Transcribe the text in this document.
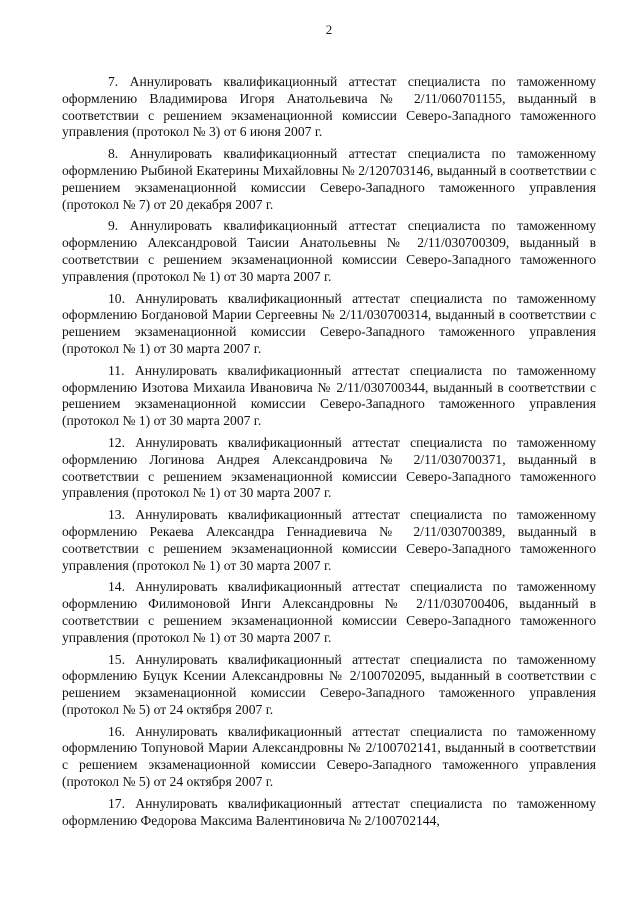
2

7. Аннулировать квалификационный аттестат специалиста по таможенному оформлению Владимирова Игоря Анатольевича № 2/11/060701155, выданный в соответствии с решением экзаменационной комиссии Северо-Западного таможенного управления (протокол № 3) от 6 июня 2007 г.

8. Аннулировать квалификационный аттестат специалиста по таможенному оформлению Рыбиной Екатерины Михайловны № 2/120703146, выданный в соответствии с решением экзаменационной комиссии Северо-Западного таможенного управления (протокол № 7) от 20 декабря 2007 г.

9. Аннулировать квалификационный аттестат специалиста по таможенному оформлению Александровой Таисии Анатольевны № 2/11/030700309, выданный в соответствии с решением экзаменационной комиссии Северо-Западного таможенного управления (протокол № 1) от 30 марта 2007 г.

10. Аннулировать квалификационный аттестат специалиста по таможенному оформлению Богдановой Марии Сергеевны № 2/11/030700314, выданный в соответствии с решением экзаменационной комиссии Северо-Западного таможенного управления (протокол № 1) от 30 марта 2007 г.

11. Аннулировать квалификационный аттестат специалиста по таможенному оформлению Изотова Михаила Ивановича № 2/11/030700344, выданный в соответствии с решением экзаменационной комиссии Северо-Западного таможенного управления (протокол № 1) от 30 марта 2007 г.

12. Аннулировать квалификационный аттестат специалиста по таможенному оформлению Логинова Андрея Александровича № 2/11/030700371, выданный в соответствии с решением экзаменационной комиссии Северо-Западного таможенного управления (протокол № 1) от 30 марта 2007 г.

13. Аннулировать квалификационный аттестат специалиста по таможенному оформлению Рекаева Александра Геннадиевича № 2/11/030700389, выданный в соответствии с решением экзаменационной комиссии Северо-Западного таможенного управления (протокол № 1) от 30 марта 2007 г.

14. Аннулировать квалификационный аттестат специалиста по таможенному оформлению Филимоновой Инги Александровны № 2/11/030700406, выданный в соответствии с решением экзаменационной комиссии Северо-Западного таможенного управления (протокол № 1) от 30 марта 2007 г.

15. Аннулировать квалификационный аттестат специалиста по таможенному оформлению Буцук Ксении Александровны № 2/100702095, выданный в соответствии с решением экзаменационной комиссии Северо-Западного таможенного управления (протокол № 5) от 24 октября 2007 г.

16. Аннулировать квалификационный аттестат специалиста по таможенному оформлению Топуновой Марии Александровны № 2/100702141, выданный в соответствии с решением экзаменационной комиссии Северо-Западного таможенного управления (протокол № 5) от 24 октября 2007 г.

17. Аннулировать квалификационный аттестат специалиста по таможенному оформлению Федорова Максима Валентиновича № 2/100702144,
